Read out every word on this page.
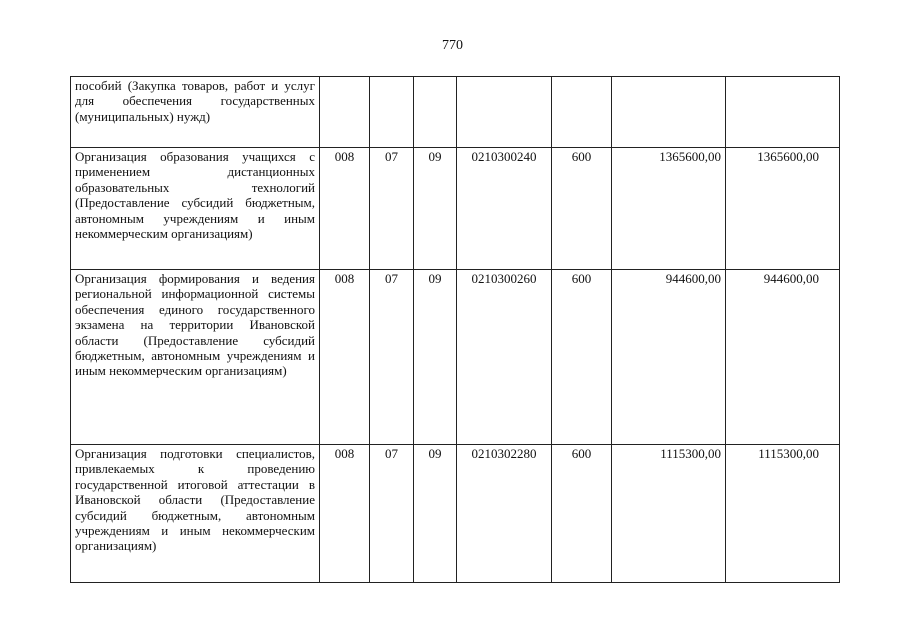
770
пособий (Закупка товаров, работ и услуг для обеспечения государственных (муниципальных) нужд)							
Организация образования учащихся с применением дистанционных образовательных технологий (Предоставление субсидий бюджетным, автономным учреждениям и иным некоммерческим организациям)	008	07	09	0210300240	600	1365600,00	1365600,00
Организация формирования и ведения региональной информационной системы обеспечения единого государственного экзамена на территории Ивановской области (Предоставление субсидий бюджетным, автономным учреждениям и иным некоммерческим организациям)	008	07	09	0210300260	600	944600,00	944600,00
Организация подготовки специалистов, привлекаемых к проведению государственной итоговой аттестации в Ивановской области (Предоставление субсидий бюджетным, автономным учреждениям и иным некоммерческим организациям)	008	07	09	0210302280	600	1115300,00	1115300,00
